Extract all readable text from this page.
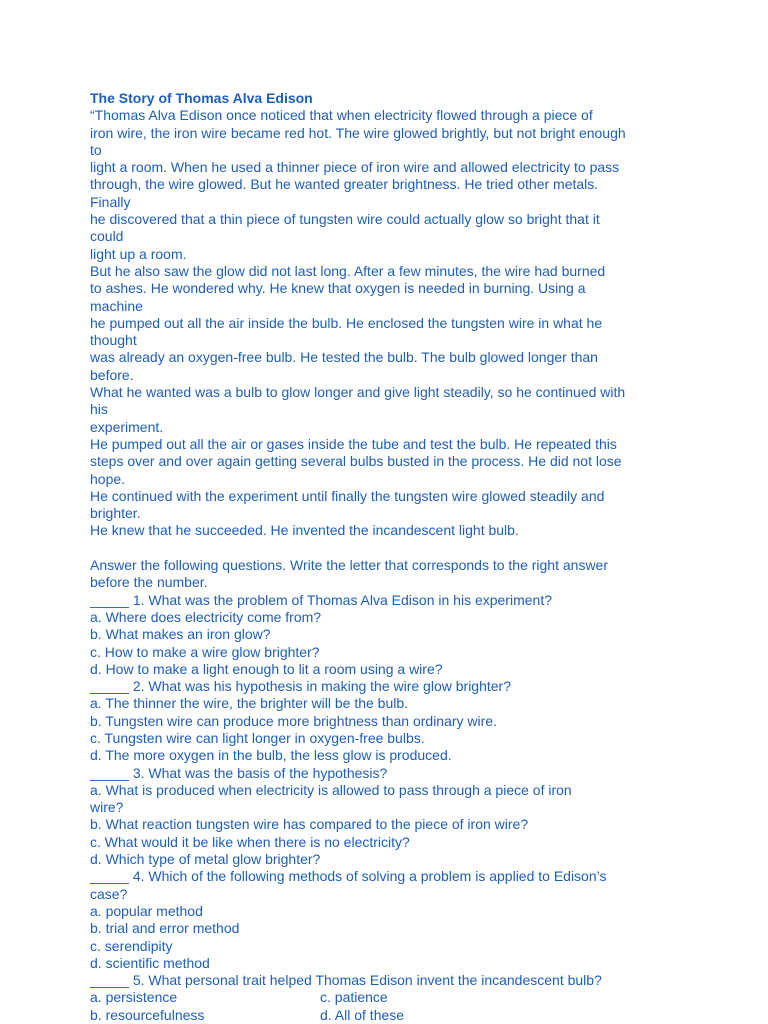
The Story of Thomas Alva Edison
“Thomas Alva Edison once noticed that when electricity flowed through a piece of
iron wire, the iron wire became red hot. The wire glowed brightly, but not bright enough
to
light a room. When he used a thinner piece of iron wire and allowed electricity to pass
through, the wire glowed. But he wanted greater brightness. He tried other metals.
Finally
he discovered that a thin piece of tungsten wire could actually glow so bright that it
could
light up a room.
But he also saw the glow did not last long. After a few minutes, the wire had burned
to ashes. He wondered why. He knew that oxygen is needed in burning. Using a
machine
he pumped out all the air inside the bulb. He enclosed the tungsten wire in what he
thought
was already an oxygen-free bulb. He tested the bulb. The bulb glowed longer than
before.
What he wanted was a bulb to glow longer and give light steadily, so he continued with
his
experiment.
He pumped out all the air or gases inside the tube and test the bulb. He repeated this
steps over and over again getting several bulbs busted in the process. He did not lose
hope.
He continued with the experiment until finally the tungsten wire glowed steadily and
brighter.
He knew that he succeeded. He invented the incandescent light bulb.
Answer the following questions. Write the letter that corresponds to the right answer
before the number.
_____ 1. What was the problem of Thomas Alva Edison in his experiment?
a. Where does electricity come from?
b. What makes an iron glow?
c. How to make a wire glow brighter?
d. How to make a light enough to lit a room using a wire?
_____ 2. What was his hypothesis in making the wire glow brighter?
a. The thinner the wire, the brighter will be the bulb.
b. Tungsten wire can produce more brightness than ordinary wire.
c. Tungsten wire can light longer in oxygen-free bulbs.
d. The more oxygen in the bulb, the less glow is produced.
_____ 3. What was the basis of the hypothesis?
a. What is produced when electricity is allowed to pass through a piece of iron
wire?
b. What reaction tungsten wire has compared to the piece of iron wire?
c. What would it be like when there is no electricity?
d. Which type of metal glow brighter?
_____ 4. Which of the following methods of solving a problem is applied to Edison’s
case?
a. popular method
b. trial and error method
c. serendipity
d. scientific method
_____ 5. What personal trait helped Thomas Edison invent the incandescent bulb?
a. persistence	c. patience
b. resourcefulness	d. All of these
